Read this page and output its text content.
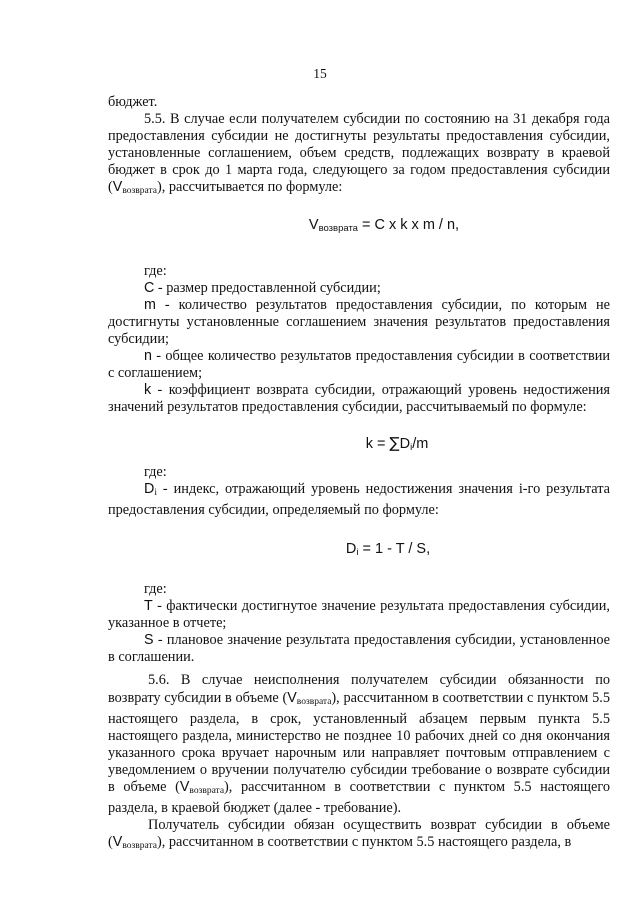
15

бюджет.

5.5. В случае если получателем субсидии по состоянию на 31 декабря года предоставления субсидии не достигнуты результаты предоставления субсидии, установленные соглашением, объем средств, подлежащих возврату в краевой бюджет в срок до 1 марта года, следующего за годом предоставления субсидии $(V_{возврата})$, рассчитывается по формуле:

Vвозврата = C x k x m / n,

где:

C - размер предоставленной субсидии;

m - количество результатов предоставления субсидии, по которым не достигнуты установленные соглашением значения результатов предоставления субсидии;

n - общее количество результатов предоставления субсидии в соответствии с соглашением;

k - коэффициент возврата субсидии, отражающий уровень недостижения значений результатов предоставления субсидии, рассчитываемый по формуле:

k = ∑Di/m

где:

Di - индекс, отражающий уровень недостижения значения i-го результата предоставления субсидии, определяемый по формуле:

Di = 1 - T / S,

где:

T - фактически достигнутое значение результата предоставления субсидии, указанное в отчете;

S - плановое значение результата предоставления субсидии, установленное в соглашении.

5.6. В случае неисполнения получателем субсидии обязанности по возврату субсидии в объеме $(V_{возврата})$, рассчитанном в соответствии с пунктом 5.5 настоящего раздела, в срок, установленный абзацем первым пункта 5.5 настоящего раздела, министерство не позднее 10 рабочих дней со дня окончания указанного срока вручает нарочным или направляет почтовым отправлением с уведомлением о вручении получателю субсидии требование о возврате субсидии в объеме $(V_{возврата})$, рассчитанном в соответствии с пунктом 5.5 настоящего раздела, в краевой бюджет (далее - требование).

Получатель субсидии обязан осуществить возврат субсидии в объеме $(V_{возврата})$, рассчитанном в соответствии с пунктом 5.5 настоящего раздела, в
